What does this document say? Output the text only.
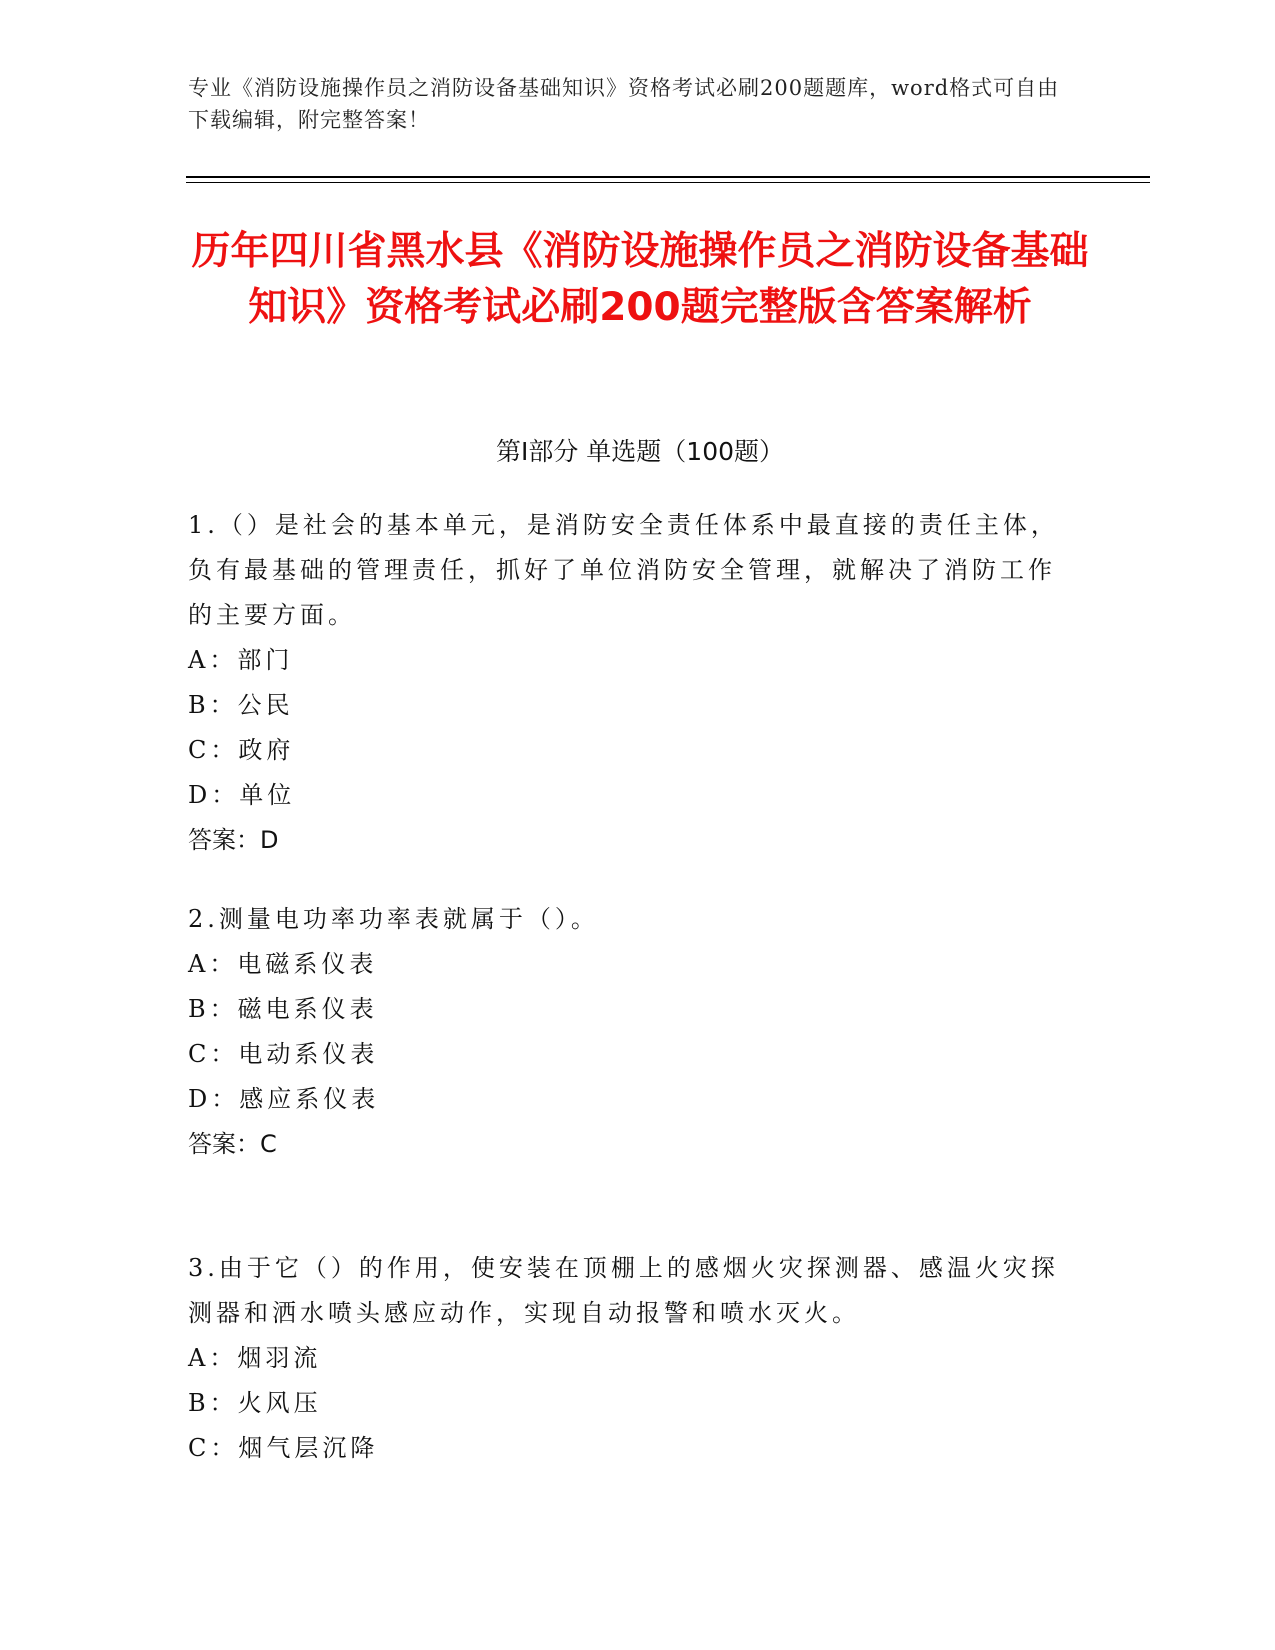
专业《消防设施操作员之消防设备基础知识》资格考试必刷200题题库，word格式可自由下载编辑，附完整答案！

历年四川省黑水县《消防设施操作员之消防设备基础知识》资格考试必刷200题完整版含答案解析
第Ⅰ部分 单选题（100题）

1.（）是社会的基本单元，是消防安全责任体系中最直接的责任主体，负有最基础的管理责任，抓好了单位消防安全管理，就解决了消防工作的主要方面。

A：部门

B：公民

C：政府

D：单位

答案：D

2.测量电功率功率表就属于（）。

A：电磁系仪表

B：磁电系仪表

C：电动系仪表

D：感应系仪表

答案：C

3.由于它（）的作用，使安装在顶棚上的感烟火灾探测器、感温火灾探测器和洒水喷头感应动作，实现自动报警和喷水灭火。

A：烟羽流

B：火风压

C：烟气层沉降
